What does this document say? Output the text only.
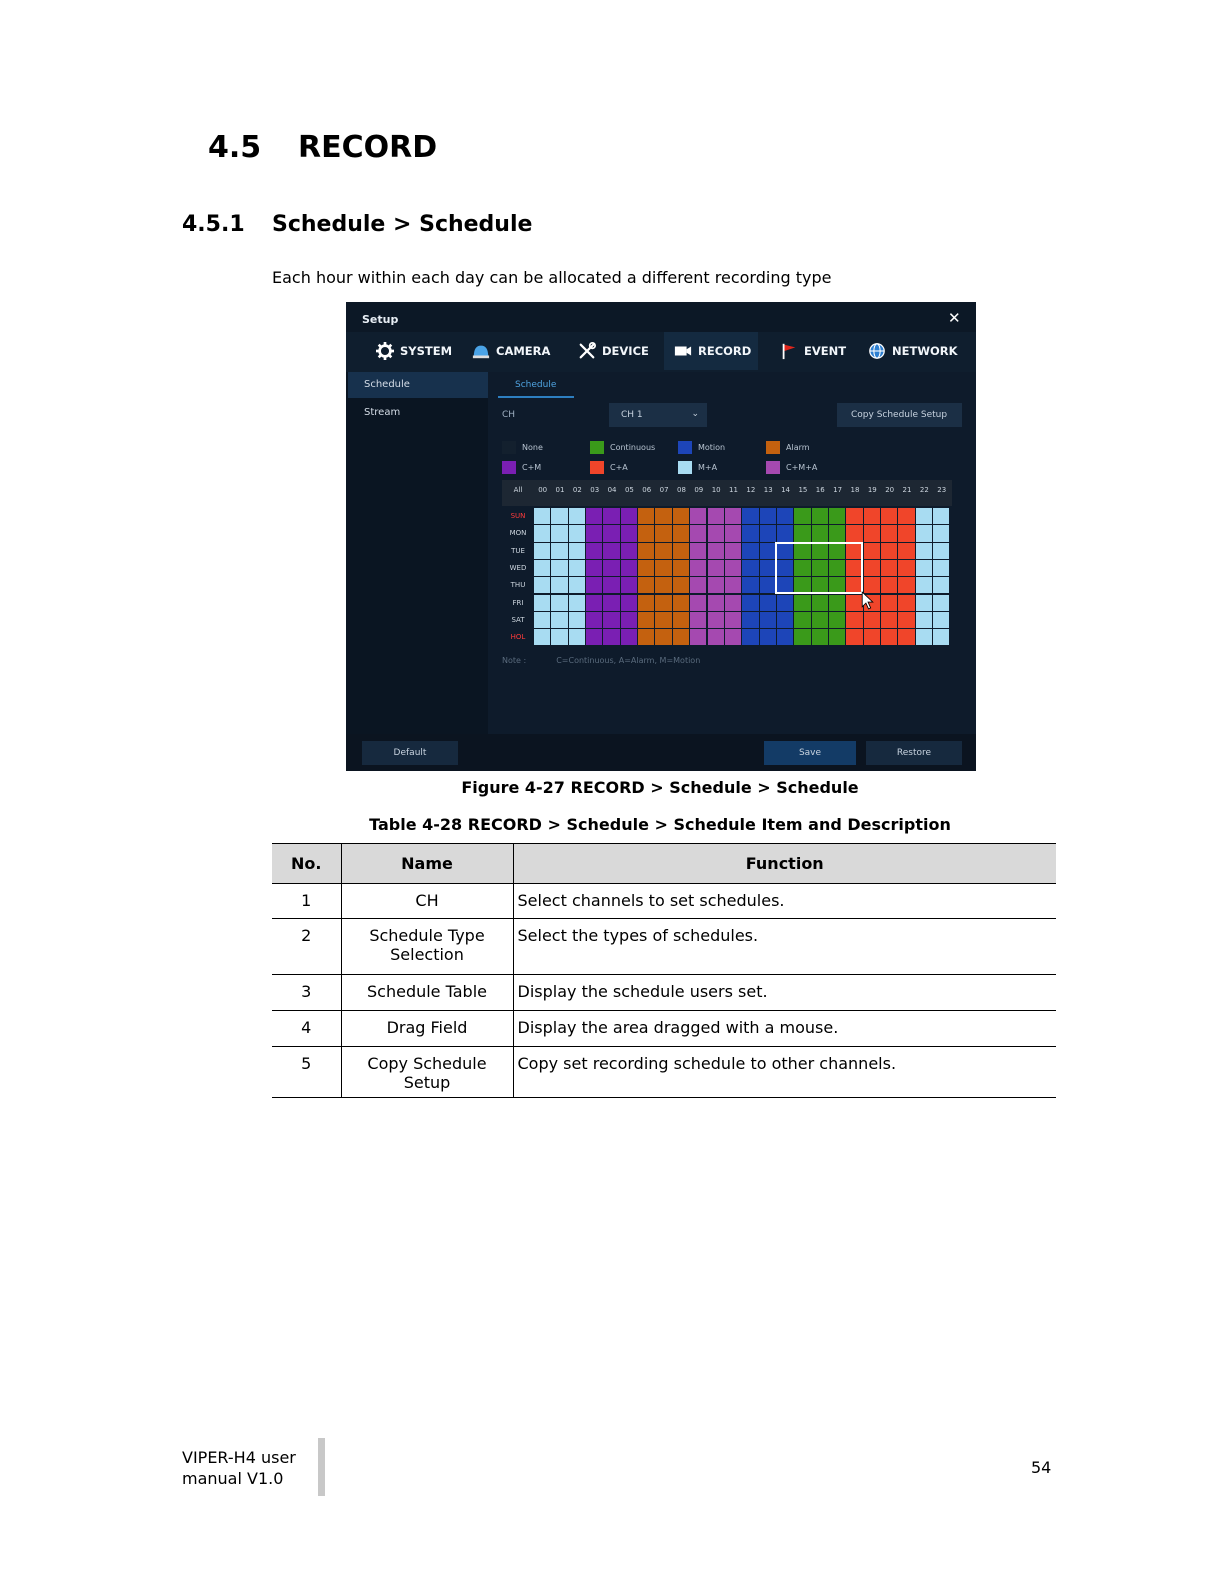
4.5 RECORD
4.5.1 Schedule > Schedule
Each hour within each day can be allocated a different recording type
Setup	✕
SYSTEM	CAMERA	DEVICE	RECORD	EVENT	NETWORK
Schedule
Stream
Schedule
CH	CH 1	⌄	Copy Schedule Setup
All	00	01	02	03	04	05	06	07	08	09	10	11	12	13	14	15	16	17	18	19	20	21	22	23
Note :	C=Continuous, A=Alarm, M=Motion
None	Continuous	Motion	Alarm
C+M	C+A	M+A	C+M+A
SUN
MON
TUE
WED
THU
FRI
SAT
HOL
Default	Save	Restore
Figure 4-27 RECORD > Schedule > Schedule
Table 4-28 RECORD > Schedule > Schedule Item and Description
No.	Name	Function
1	CH	Select channels to set schedules.
2	Schedule Type Selection	Select the types of schedules.
3	Schedule Table	Display the schedule users set.
4	Drag Field	Display the area dragged with a mouse.
5	Copy Schedule Setup	Copy set recording schedule to other channels.
VIPER-H4 user
manual V1.0
54
